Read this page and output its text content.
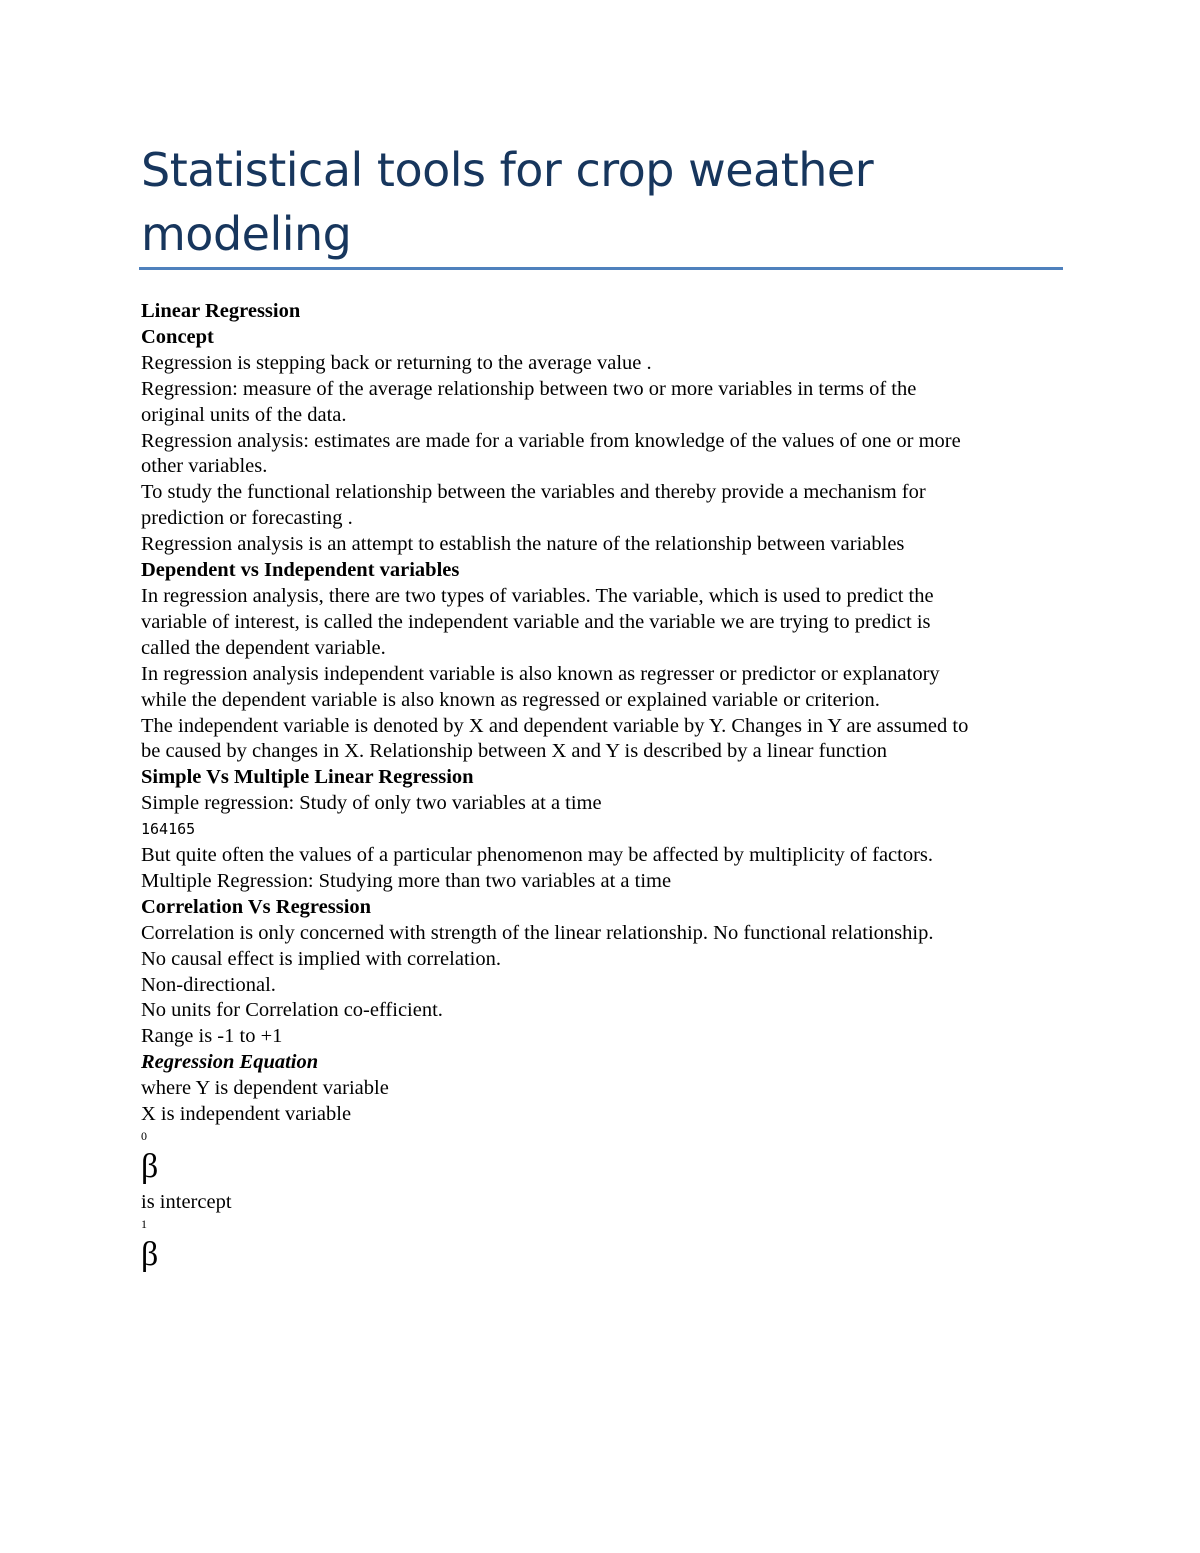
Statistical tools for crop weather modeling

Linear Regression

Concept

Regression is stepping back or returning to the average value .

Regression: measure of the average relationship between two or more variables in terms of the original units of the data.

Regression analysis: estimates are made for a variable from knowledge of the values of one or more other variables.

To study the functional relationship between the variables and thereby provide a mechanism for prediction or forecasting .

Regression analysis is an attempt to establish the nature of the relationship between variables

Dependent vs Independent variables

In regression analysis, there are two types of variables. The variable, which is used to predict the variable of interest, is called the independent variable and the variable we are trying to predict is called the dependent variable.

In regression analysis independent variable is also known as regresser or predictor or explanatory while the dependent variable is also known as regressed or explained variable or criterion.

The independent variable is denoted by X and dependent variable by Y. Changes in Y are assumed to be caused by changes in X. Relationship between X and Y is described by a linear function

Simple Vs Multiple Linear Regression

Simple regression: Study of only two variables at a time

164165

But quite often the values of a particular phenomenon may be affected by multiplicity of factors.

Multiple Regression: Studying more than two variables at a time

Correlation Vs Regression

Correlation is only concerned with strength of the linear relationship. No functional relationship.

No causal effect is implied with correlation.

Non-directional.

No units for Correlation co-efficient.

Range is -1 to +1

Regression Equation

where Y is dependent variable

X is independent variable

0

β

is intercept

1

β
